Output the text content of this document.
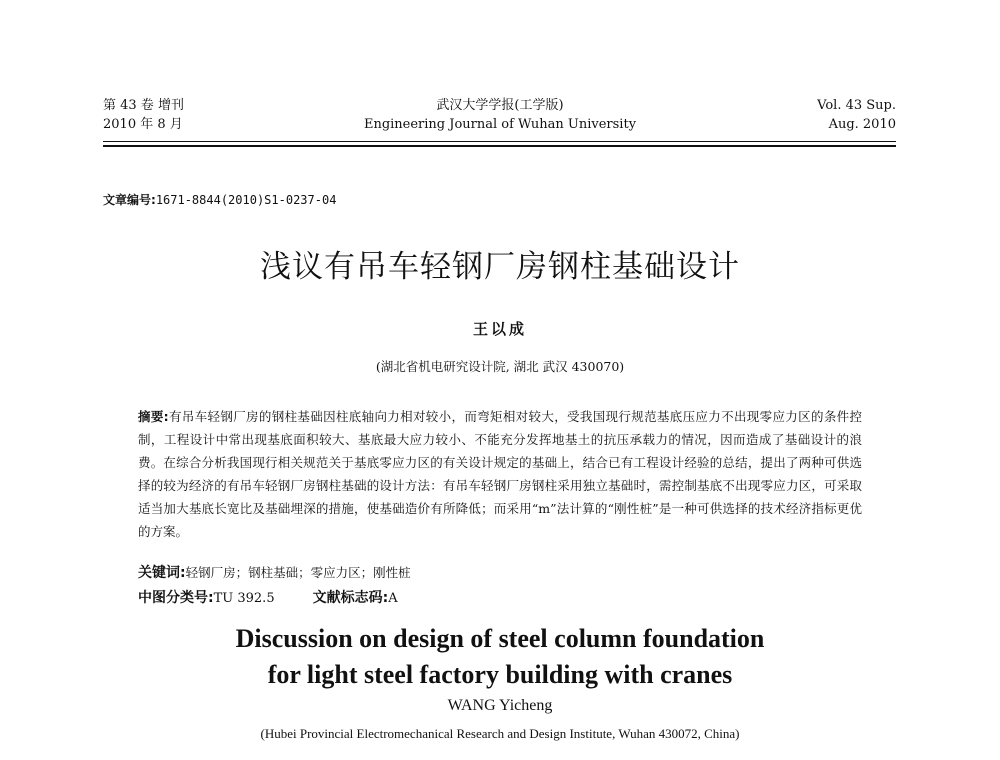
第 43 卷 增刊
2010 年 8 月
武汉大学学报(工学版)
Engineering Journal of Wuhan University
Vol. 43 Sup.
Aug. 2010
文章编号:1671-8844(2010)S1-0237-04
浅议有吊车轻钢厂房钢柱基础设计
王以成
(湖北省机电研究设计院, 湖北 武汉 430070)
摘要:有吊车轻钢厂房的钢柱基础因柱底轴向力相对较小，而弯矩相对较大，受我国现行规范基底压应力不出现零应力区的条件控制，工程设计中常出现基底面积较大、基底最大应力较小、不能充分发挥地基土的抗压承载力的情况，因而造成了基础设计的浪费。在综合分析我国现行相关规范关于基底零应力区的有关设计规定的基础上，结合已有工程设计经验的总结，提出了两种可供选择的较为经济的有吊车轻钢厂房钢柱基础的设计方法：有吊车轻钢厂房钢柱采用独立基础时，需控制基底不出现零应力区，可采取适当加大基底长宽比及基础埋深的措施，使基础造价有所降低；而采用“m”法计算的“刚性桩”是一种可供选择的技术经济指标更优的方案。
关键词:轻钢厂房；钢柱基础；零应力区；刚性桩
中图分类号:TU 392.5	文献标志码:A
Discussion on design of steel column foundation
for light steel factory building with cranes
WANG Yicheng
(Hubei Provincial Electromechanical Research and Design Institute, Wuhan 430072, China)
